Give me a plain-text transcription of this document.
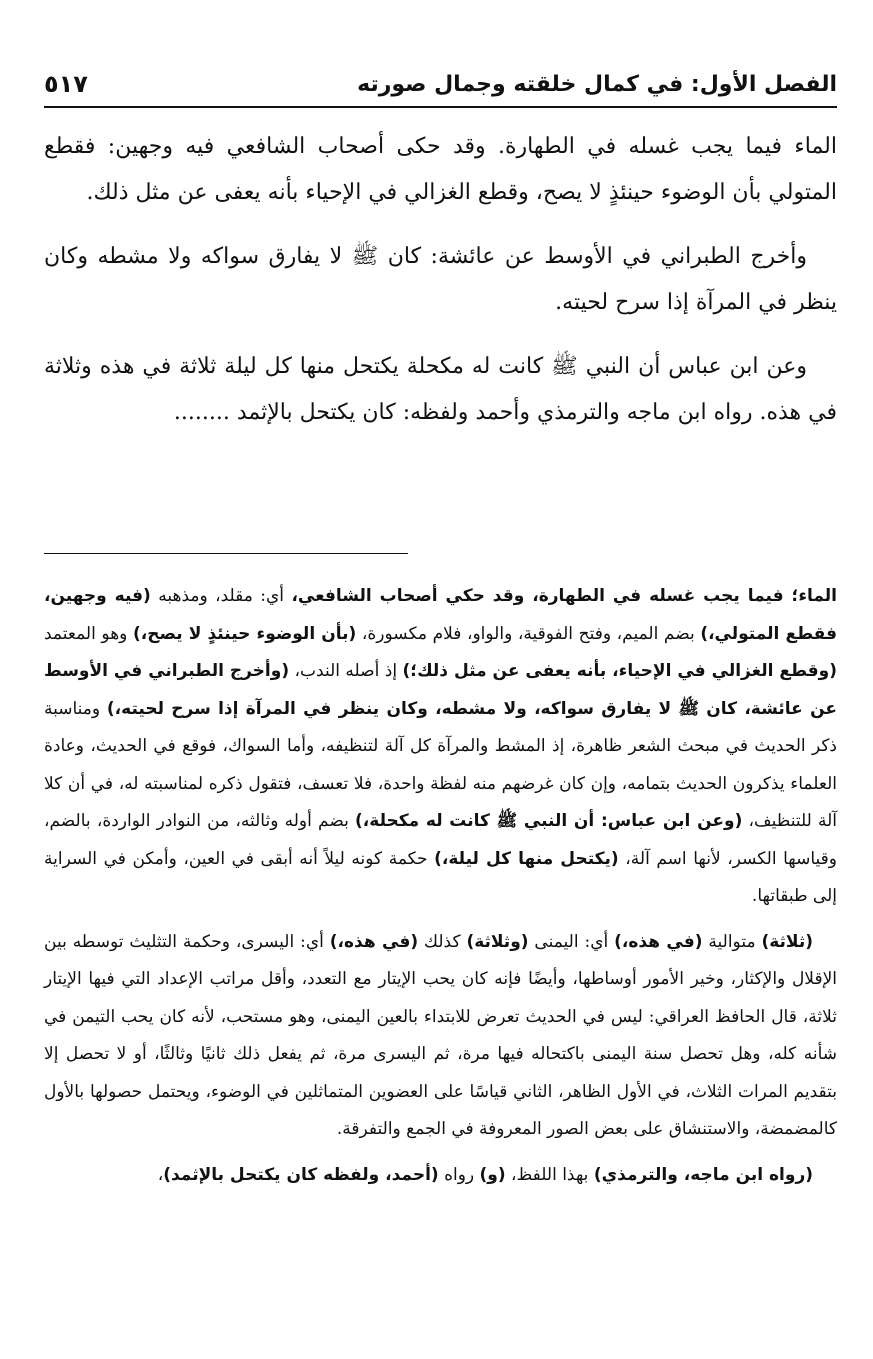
الفصل الأول: في كمال خلقته وجمال صورته
٥١٧

الماء فيما يجب غسله في الطهارة. وقد حكى أصحاب الشافعي فيه وجهين: فقطع المتولي بأن الوضوء حينئذٍ لا يصح، وقطع الغزالي في الإحياء بأنه يعفى عن مثل ذلك.

وأخرج الطبراني في الأوسط عن عائشة: كان ﷺ لا يفارق سواكه ولا مشطه وكان ينظر في المرآة إذا سرح لحيته.

وعن ابن عباس أن النبي ﷺ كانت له مكحلة يكتحل منها كل ليلة ثلاثة في هذه وثلاثة في هذه. رواه ابن ماجه والترمذي وأحمد ولفظه: كان يكتحل بالإثمد ........

الماء؛ فيما يجب غسله في الطهارة، وقد حكي أصحاب الشافعي، أي: مقلد، ومذهبه (فيه وجهين، فقطع المتولي،) بضم الميم، وفتح الفوقية، والواو، فلام مكسورة، (بأن الوضوء حينئذٍ لا يصح،) وهو المعتمد (وقطع الغزالي في الإحياء، بأنه يعفى عن مثل ذلك؛) إذ أصله الندب، (وأخرج الطبراني في الأوسط عن عائشة، كان ﷺ لا يفارق سواكه، ولا مشطه، وكان ينظر في المرآة إذا سرح لحيته،) ومناسبة ذكر الحديث في مبحث الشعر ظاهرة، إذ المشط والمرآة كل آلة لتنظيفه، وأما السواك، فوقع في الحديث، وعادة العلماء يذكرون الحديث بتمامه، وإن كان غرضهم منه لفظة واحدة، فلا تعسف، فتقول ذكره لمناسبته له، في أن كلا آلة للتنظيف، (وعن ابن عباس: أن النبي ﷺ كانت له مكحلة،) بضم أوله وثالثه، من النوادر الواردة، بالضم، وقياسها الكسر، لأنها اسم آلة، (يكتحل منها كل ليلة،) حكمة كونه ليلاً أنه أبقى في العين، وأمكن في السراية إلى طبقاتها.

(ثلاثة) متوالية (في هذه،) أي: اليمنى (وثلاثة) كذلك (في هذه،) أي: اليسرى، وحكمة التثليث توسطه بين الإقلال والإكثار، وخير الأمور أوساطها، وأيضًا فإنه كان يحب الإيتار مع التعدد، وأقل مراتب الإعداد التي فيها الإيتار ثلاثة، قال الحافظ العراقي: ليس في الحديث تعرض للابتداء بالعين اليمنى، وهو مستحب، لأنه كان يحب التيمن في شأنه كله، وهل تحصل سنة اليمنى باكتحاله فيها مرة، ثم اليسرى مرة، ثم يفعل ذلك ثانيًا وثالثًا، أو لا تحصل إلا بتقديم المرات الثلاث، في الأول الظاهر، الثاني قياسًا على العضوين المتماثلين في الوضوء، ويحتمل حصولها بالأول كالمضمضة، والاستنشاق على بعض الصور المعروفة في الجمع والتفرقة.

(رواه ابن ماجه، والترمذي) بهذا اللفظ، (و) رواه (أحمد، ولفظه كان يكتحل بالإثمد)،
